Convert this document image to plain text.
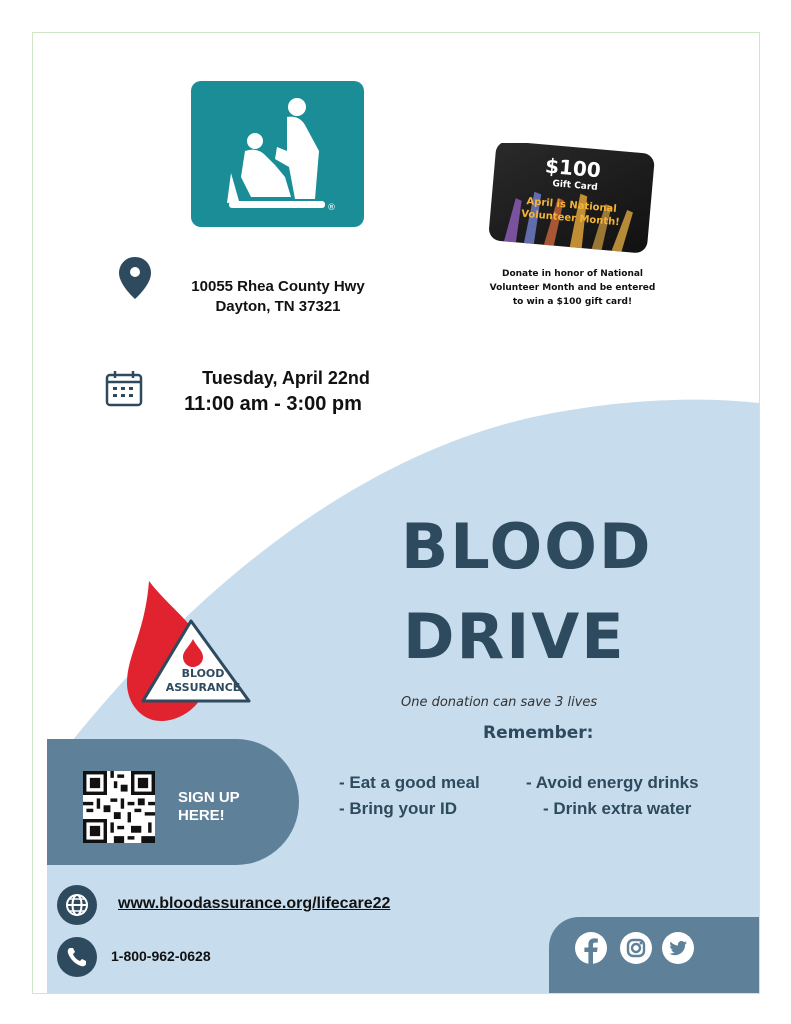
®
$100
Gift Card
April is National Volunteer Month!
Donate in honor of National
Volunteer Month and be entered
to win a $100 gift card!
10055 Rhea County Hwy
Dayton, TN 37321
Tuesday, April 22nd
11:00 am - 3:00 pm
BLOOD
DRIVE
One donation can save 3 lives
Remember:
- Eat a good meal	- Avoid energy drinks
- Bring your ID	- Drink extra water
BLOOD
ASSURANCE
SIGN UP
HERE!
www.bloodassurance.org/lifecare22
1-800-962-0628
